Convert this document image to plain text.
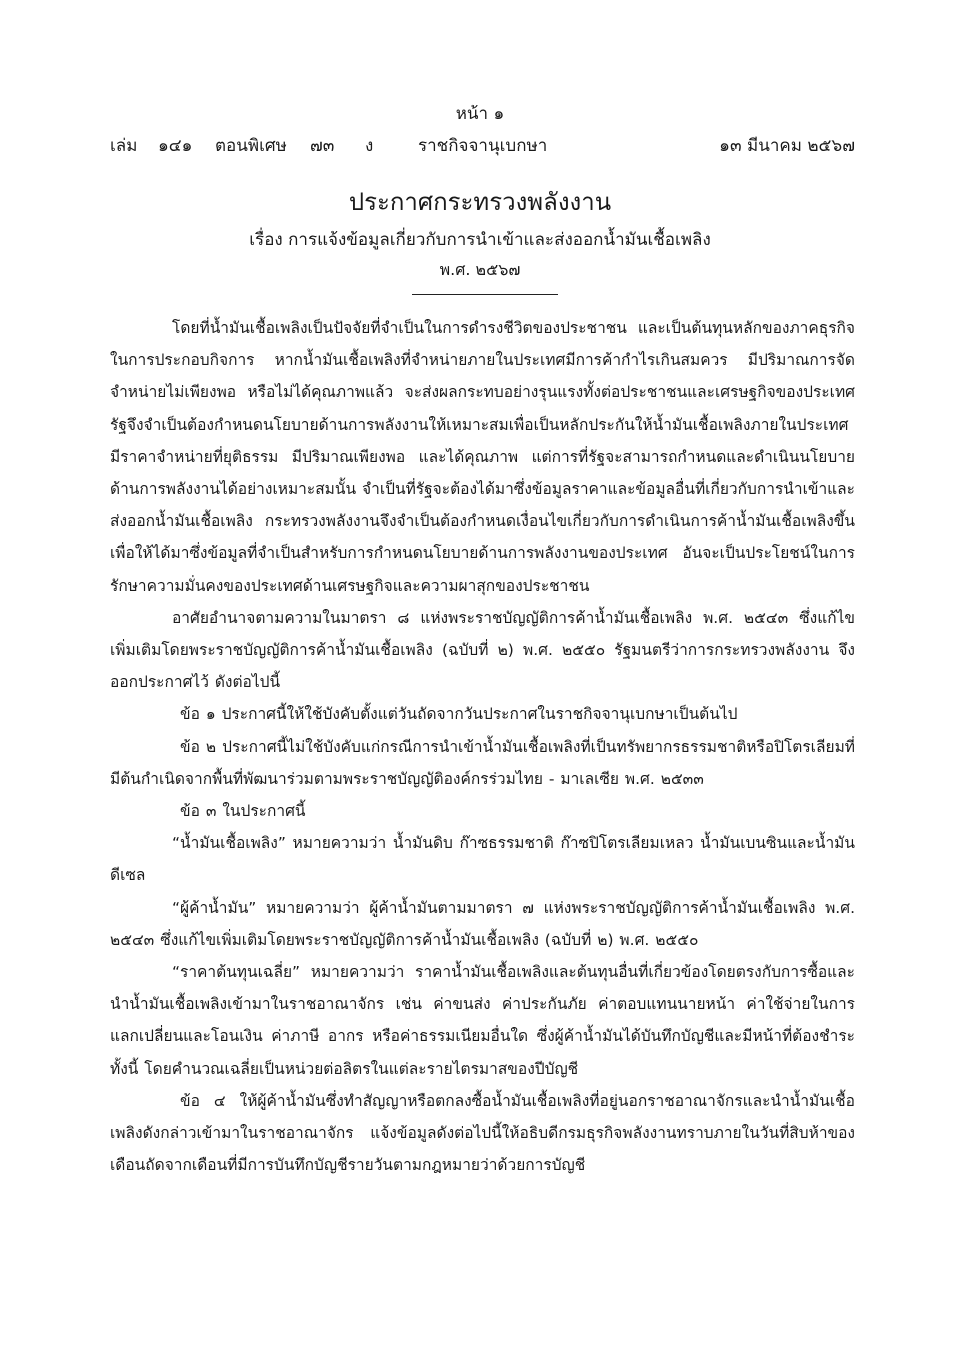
หน้า ๑
เล่ม ๑๔๑ ตอนพิเศษ ๗๓ ง	ราชกิจจานุเบกษา	๑๓ มีนาคม ๒๕๖๗
ประกาศกระทรวงพลังงาน
เรื่อง การแจ้งข้อมูลเกี่ยวกับการนำเข้าและส่งออกน้ำมันเชื้อเพลิง
พ.ศ. ๒๕๖๗

โดยที่น้ำมันเชื้อเพลิงเป็นปัจจัยที่จำเป็นในการดำรงชีวิตของประชาชน และเป็นต้นทุนหลักของภาคธุรกิจในการประกอบกิจการ หากน้ำมันเชื้อเพลิงที่จำหน่ายภายในประเทศมีการค้ากำไรเกินสมควร มีปริมาณการจัดจำหน่ายไม่เพียงพอ หรือไม่ได้คุณภาพแล้ว จะส่งผลกระทบอย่างรุนแรงทั้งต่อประชาชนและเศรษฐกิจของประเทศ รัฐจึงจำเป็นต้องกำหนดนโยบายด้านการพลังงานให้เหมาะสมเพื่อเป็นหลักประกันให้น้ำมันเชื้อเพลิงภายในประเทศมีราคาจำหน่ายที่ยุติธรรม มีปริมาณเพียงพอ และได้คุณภาพ แต่การที่รัฐจะสามารถกำหนดและดำเนินนโยบายด้านการพลังงานได้อย่างเหมาะสมนั้น จำเป็นที่รัฐจะต้องได้มาซึ่งข้อมูลราคาและข้อมูลอื่นที่เกี่ยวกับการนำเข้าและส่งออกน้ำมันเชื้อเพลิง กระทรวงพลังงานจึงจำเป็นต้องกำหนดเงื่อนไขเกี่ยวกับการดำเนินการค้าน้ำมันเชื้อเพลิงขึ้น เพื่อให้ได้มาซึ่งข้อมูลที่จำเป็นสำหรับการกำหนดนโยบายด้านการพลังงานของประเทศ อันจะเป็นประโยชน์ในการรักษาความมั่นคงของประเทศด้านเศรษฐกิจและความผาสุกของประชาชน

อาศัยอำนาจตามความในมาตรา ๘ แห่งพระราชบัญญัติการค้าน้ำมันเชื้อเพลิง พ.ศ. ๒๕๔๓ ซึ่งแก้ไขเพิ่มเติมโดยพระราชบัญญัติการค้าน้ำมันเชื้อเพลิง (ฉบับที่ ๒) พ.ศ. ๒๕๕๐ รัฐมนตรีว่าการกระทรวงพลังงาน จึงออกประกาศไว้ ดังต่อไปนี้

ข้อ ๑ ประกาศนี้ให้ใช้บังคับตั้งแต่วันถัดจากวันประกาศในราชกิจจานุเบกษาเป็นต้นไป

ข้อ ๒ ประกาศนี้ไม่ใช้บังคับแก่กรณีการนำเข้าน้ำมันเชื้อเพลิงที่เป็นทรัพยากรธรรมชาติหรือปิโตรเลียมที่มีต้นกำเนิดจากพื้นที่พัฒนาร่วมตามพระราชบัญญัติองค์กรร่วมไทย - มาเลเซีย พ.ศ. ๒๕๓๓

ข้อ ๓ ในประกาศนี้

“น้ำมันเชื้อเพลิง” หมายความว่า น้ำมันดิบ ก๊าซธรรมชาติ ก๊าซปิโตรเลียมเหลว น้ำมันเบนซินและน้ำมันดีเซล

“ผู้ค้าน้ำมัน” หมายความว่า ผู้ค้าน้ำมันตามมาตรา ๗ แห่งพระราชบัญญัติการค้าน้ำมันเชื้อเพลิง พ.ศ. ๒๕๔๓ ซึ่งแก้ไขเพิ่มเติมโดยพระราชบัญญัติการค้าน้ำมันเชื้อเพลิง (ฉบับที่ ๒) พ.ศ. ๒๕๕๐

“ราคาต้นทุนเฉลี่ย” หมายความว่า ราคาน้ำมันเชื้อเพลิงและต้นทุนอื่นที่เกี่ยวข้องโดยตรงกับการซื้อและนำน้ำมันเชื้อเพลิงเข้ามาในราชอาณาจักร เช่น ค่าขนส่ง ค่าประกันภัย ค่าตอบแทนนายหน้า ค่าใช้จ่ายในการแลกเปลี่ยนและโอนเงิน ค่าภาษี อากร หรือค่าธรรมเนียมอื่นใด ซึ่งผู้ค้าน้ำมันได้บันทึกบัญชีและมีหน้าที่ต้องชำระ ทั้งนี้ โดยคำนวณเฉลี่ยเป็นหน่วยต่อลิตรในแต่ละรายไตรมาสของปีบัญชี

ข้อ ๔ ให้ผู้ค้าน้ำมันซึ่งทำสัญญาหรือตกลงซื้อน้ำมันเชื้อเพลิงที่อยู่นอกราชอาณาจักรและนำน้ำมันเชื้อเพลิงดังกล่าวเข้ามาในราชอาณาจักร แจ้งข้อมูลดังต่อไปนี้ให้อธิบดีกรมธุรกิจพลังงานทราบภายในวันที่สิบห้าของเดือนถัดจากเดือนที่มีการบันทึกบัญชีรายวันตามกฎหมายว่าด้วยการบัญชี
